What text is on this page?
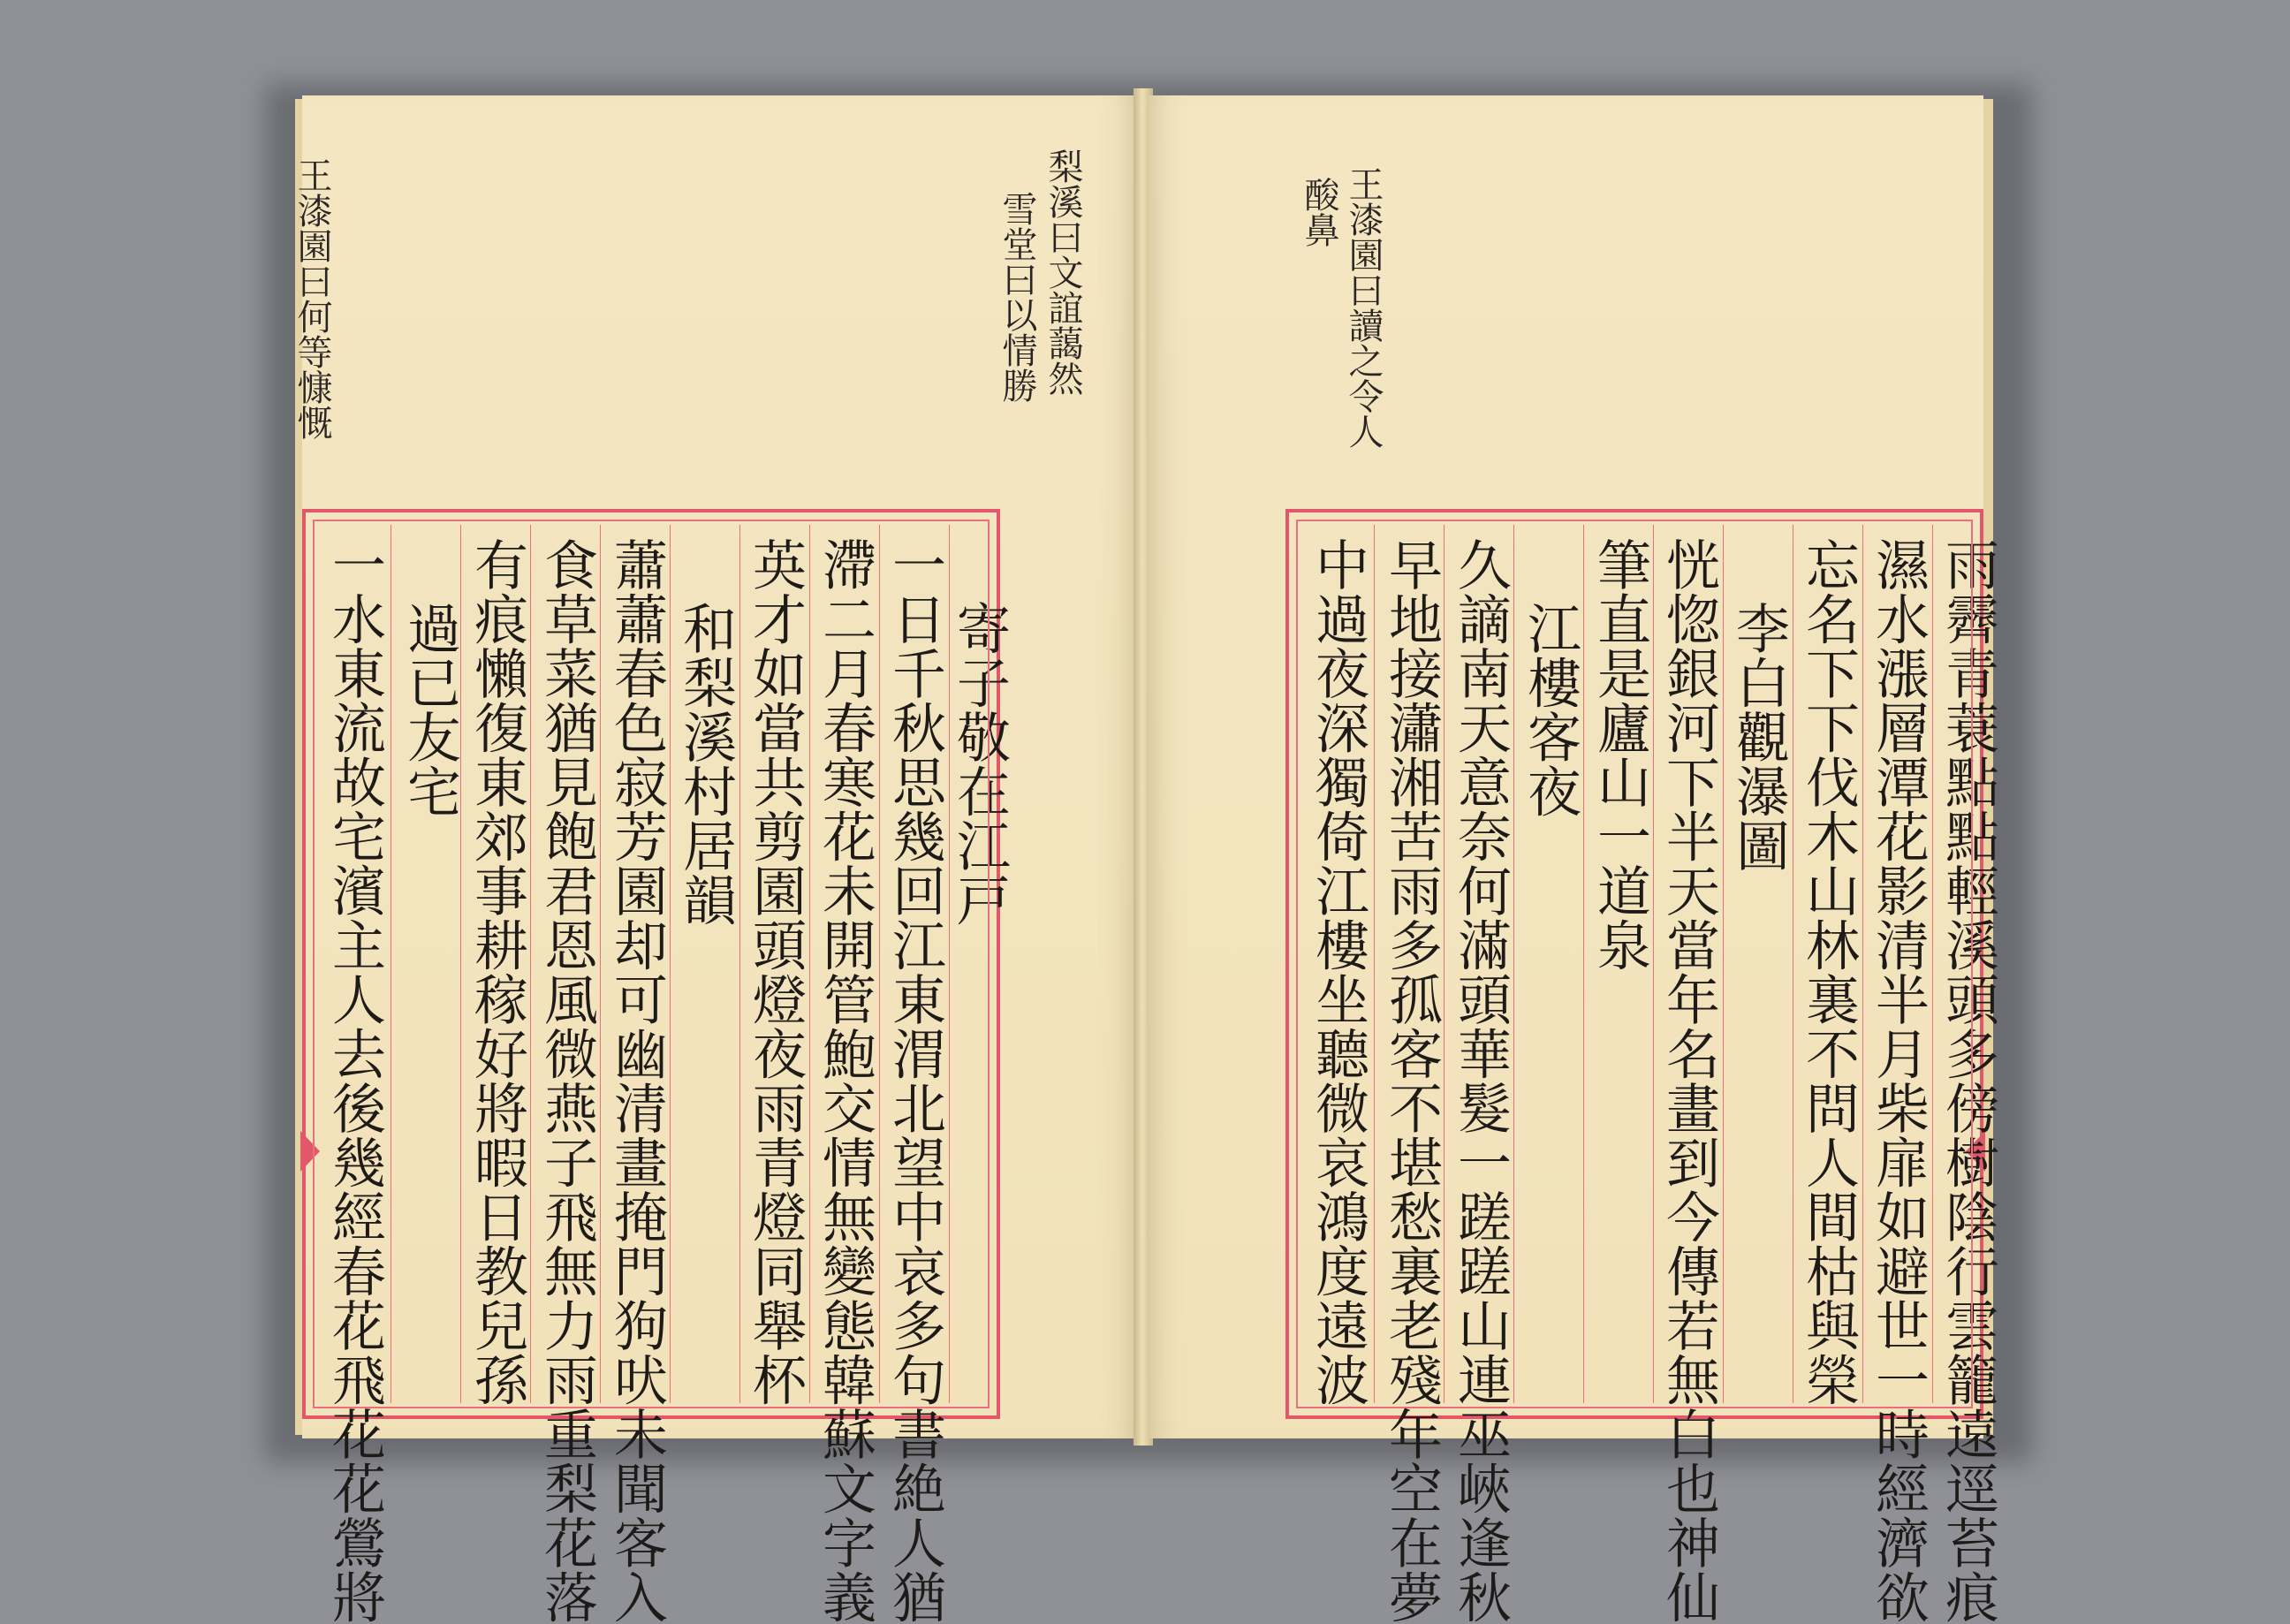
王漆園曰何等慷慨	梨溪曰文誼藹然
雪堂曰以情勝
一水東流故宅濱主人去後幾經春花飛花花鶯將 過已友宅 有痕懶復東郊事耕稼好將暇日教兒孫 食草菜猶見飽君恩風微燕子飛無力雨重梨花落 蕭蕭春色寂芳園却可幽清畫掩門狗吠未聞客入 和梨溪村居韻 英才如當共剪園頭燈夜雨青燈同舉杯 滯二月春寒花未開管鮑交情無變態韓蘇文字義 一日千秋思幾回江東渭北望中哀多句書絶人猶 寄子敬在江戸
王漆園曰讀之令人
酸鼻
中過夜深獨倚江樓坐聽微哀鴻度遠波 早地接瀟湘苦雨多孤客不堪愁裏老殘年空在夢 久謫南天意奈何滿頭華髮一蹉蹉山連巫峽逢秋 江樓客夜 筆直是廬山一道泉 恍惚銀河下半天當年名畫到今傳若無白也神仙 李白觀瀑圖 忘名下下伐木山林裏不問人間枯與榮 濕水漲層潭花影清半月柴扉如避世一時經濟欲 雨霽青蓑點點輕溪頭多傍樹陰行雲籠遠逕苔痕
